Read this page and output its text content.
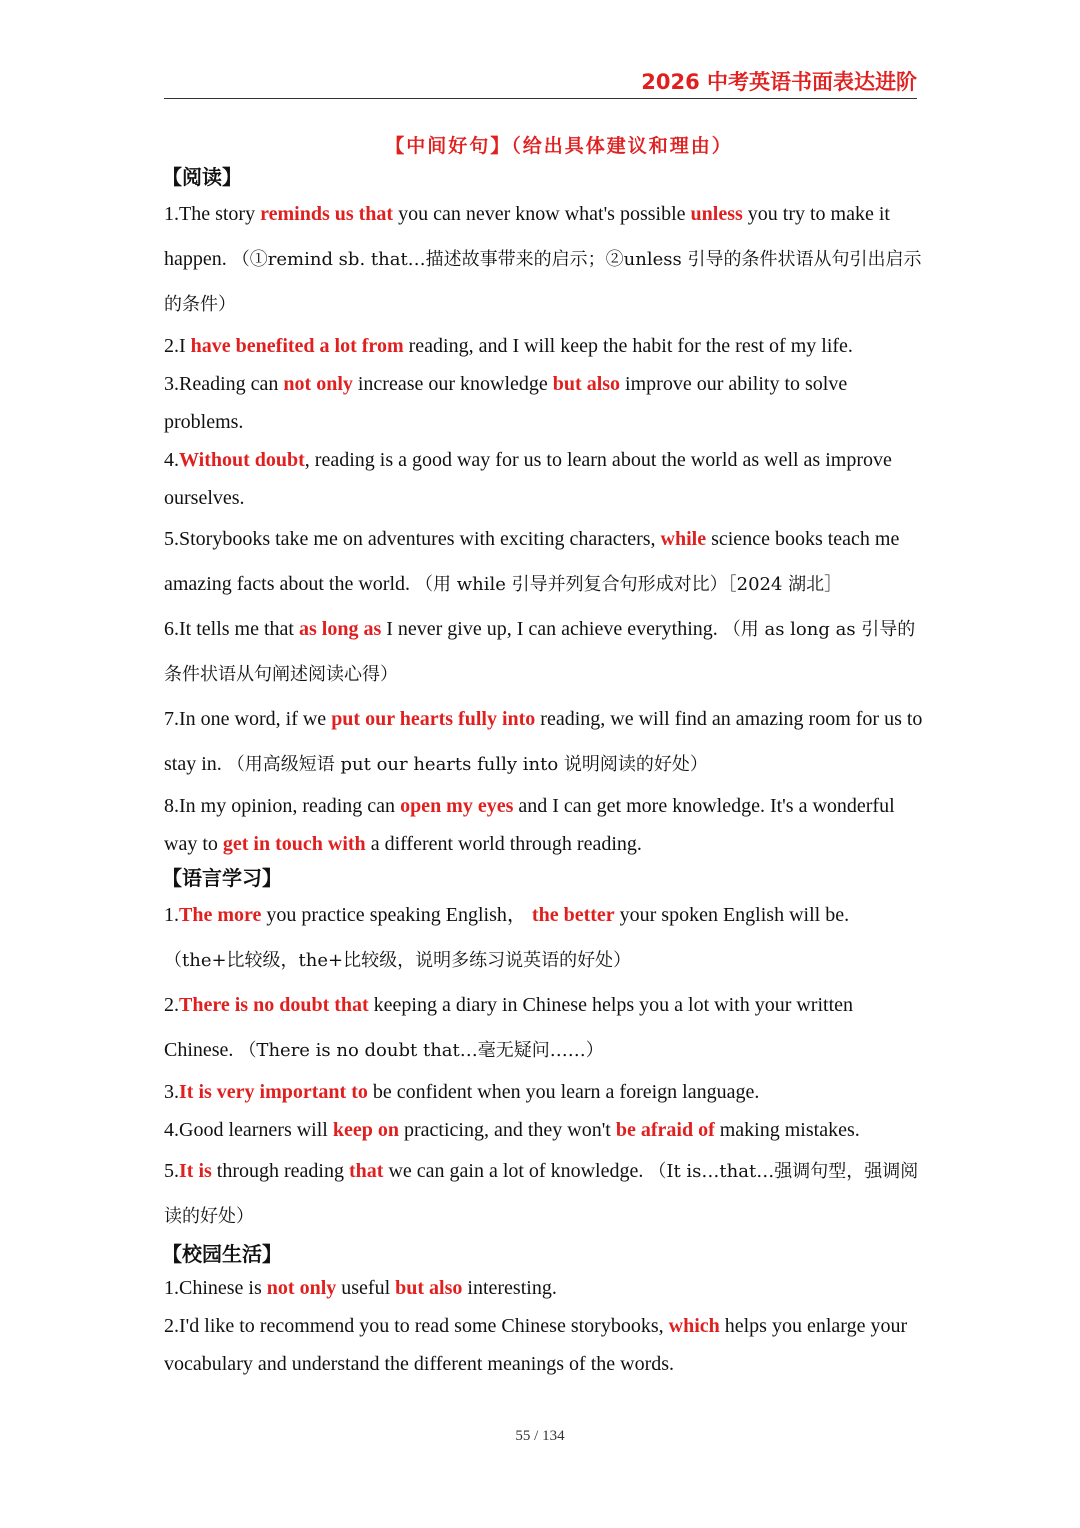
2026 中考英语书面表达进阶
【中间好句】（给出具体建议和理由）
【阅读】

1.The story reminds us that you can never know what's possible unless you try to make it happen. （①remind sb. that…描述故事带来的启示；②unless 引导的条件状语从句引出启示的条件）

2.I have benefited a lot from reading, and I will keep the habit for the rest of my life.

3.Reading can not only increase our knowledge but also improve our ability to solve problems.

4.Without doubt, reading is a good way for us to learn about the world as well as improve ourselves.

5.Storybooks take me on adventures with exciting characters, while science books teach me amazing facts about the world. （用 while 引导并列复合句形成对比）［2024 湖北］

6.It tells me that as long as I never give up, I can achieve everything. （用 as long as 引导的条件状语从句阐述阅读心得）

7.In one word, if we put our hearts fully into reading, we will find an amazing room for us to stay in. （用高级短语 put our hearts fully into 说明阅读的好处）

8.In my opinion, reading can open my eyes and I can get more knowledge. It's a wonderful way to get in touch with a different world through reading.

【语言学习】

1.The more you practice speaking English， the better your spoken English will be. （the+比较级，the+比较级，说明多练习说英语的好处）

2.There is no doubt that keeping a diary in Chinese helps you a lot with your written Chinese. （There is no doubt that…毫无疑问……）

3.It is very important to be confident when you learn a foreign language.

4.Good learners will keep on practicing, and they won't be afraid of making mistakes.

5.It is through reading that we can gain a lot of knowledge. （It is…that…强调句型，强调阅读的好处）

【校园生活】

1.Chinese is not only useful but also interesting.

2.I'd like to recommend you to read some Chinese storybooks, which helps you enlarge your vocabulary and understand the different meanings of the words.

55 / 134
